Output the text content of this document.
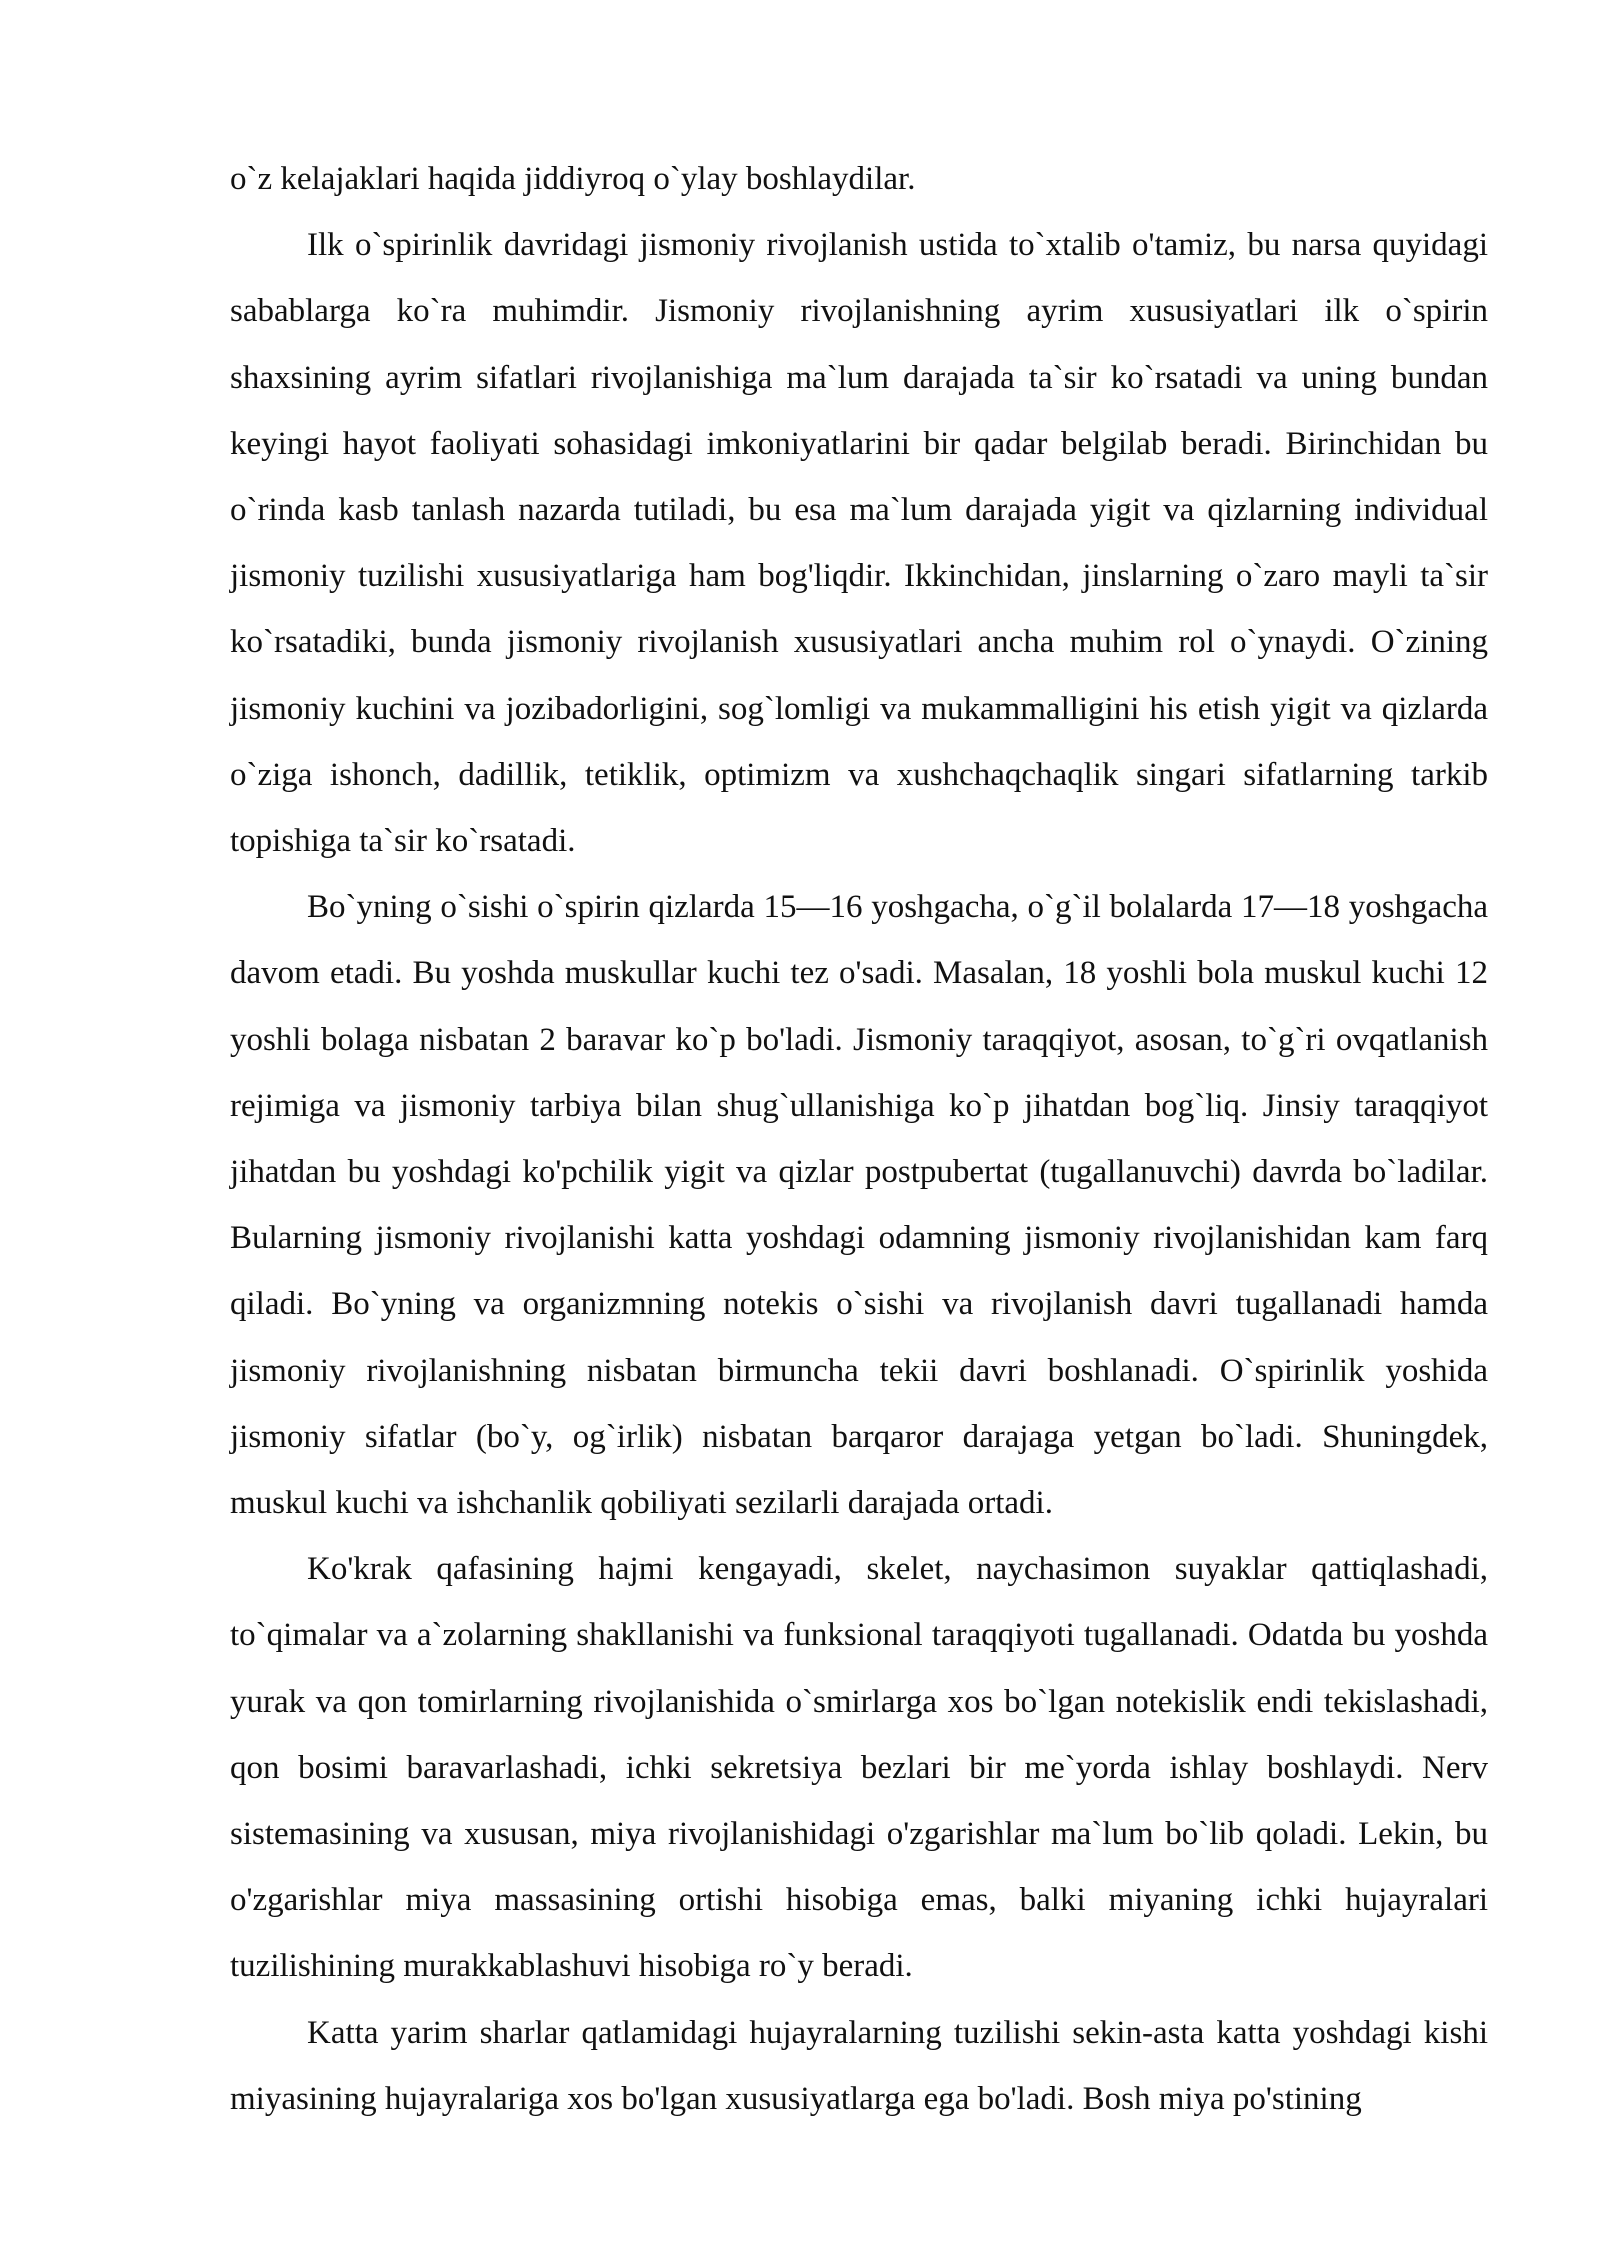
o`z kelajaklari haqida jiddiyroq o`ylay boshlaydilar.

Ilk o`spirinlik davridagi jismoniy rivojlanish ustida to`xtalib o'tamiz, bu narsa quyidagi sabablarga ko`ra muhimdir. Jismoniy rivojlanishning ayrim xususiyatlari ilk o`spirin shaxsining ayrim sifatlari rivojlanishiga ma`lum darajada ta`sir ko`rsatadi va uning bundan keyingi hayot faoliyati sohasidagi imkoniyatlarini bir qadar belgilab beradi. Birinchidan bu o`rinda kasb tanlash nazarda tutiladi, bu esa ma`lum darajada yigit va qizlarning individual jismoniy tuzilishi xususiyatlariga ham bog'liqdir. Ikkinchidan, jinslarning o`zaro mayli ta`sir ko`rsatadiki, bunda jismoniy rivojlanish xususiyatlari ancha muhim rol o`ynaydi. O`zining jismoniy kuchini va jozibadorligini, sog`lomligi va mukammalligini his etish yigit va qizlarda o`ziga ishonch, dadillik, tetiklik, optimizm va xushchaqchaqlik singari sifatlarning tarkib topishiga ta`sir ko`rsatadi.

Bo`yning o`sishi o`spirin qizlarda 15—16 yoshgacha, o`g`il bolalarda 17—18 yoshgacha davom etadi. Bu yoshda muskullar kuchi tez o'sadi. Masalan, 18 yoshli bola muskul kuchi 12 yoshli bolaga nisbatan 2 baravar ko`p bo'ladi. Jismoniy taraqqiyot, asosan, to`g`ri ovqatlanish rejimiga va jismoniy tarbiya bilan shug`ullanishiga ko`p jihatdan bog`liq. Jinsiy taraqqiyot jihatdan bu yoshdagi ko'pchilik yigit va qizlar postpubertat (tugallanuvchi) davrda bo`ladilar. Bularning jismoniy rivojlanishi katta yoshdagi odamning jismoniy rivojlanishidan kam farq qiladi. Bo`yning va organizmning notekis o`sishi va rivojlanish davri tugallanadi hamda jismoniy rivojlanishning nisbatan birmuncha tekii davri boshlanadi. O`spirinlik yoshida jismoniy sifatlar (bo`y, og`irlik) nisbatan barqaror darajaga yetgan bo`ladi. Shuningdek, muskul kuchi va ishchanlik qobiliyati sezilarli darajada ortadi.

Ko'krak qafasining hajmi kengayadi, skelet, naychasimon suyaklar qattiqlashadi, to`qimalar va a`zolarning shakllanishi va funksional taraqqiyoti tugallanadi. Odatda bu yoshda yurak va qon tomirlarning rivojlanishida o`smirlarga xos bo`lgan notekislik endi tekislashadi, qon bosimi baravarlashadi, ichki sekretsiya bezlari bir me`yorda ishlay boshlaydi. Nerv sistemasining va xususan, miya rivojlanishidagi o'zgarishlar ma`lum bo`lib qoladi. Lekin, bu o'zgarishlar miya massasining ortishi hisobiga emas, balki miyaning ichki hujayralari tuzilishining murakkablashuvi hisobiga ro`y beradi.

Katta yarim sharlar qatlamidagi hujayralarning tuzilishi sekin-asta katta yoshdagi kishi miyasining hujayralariga xos bo'lgan xususiyatlarga ega bo'ladi. Bosh miya po'stining
